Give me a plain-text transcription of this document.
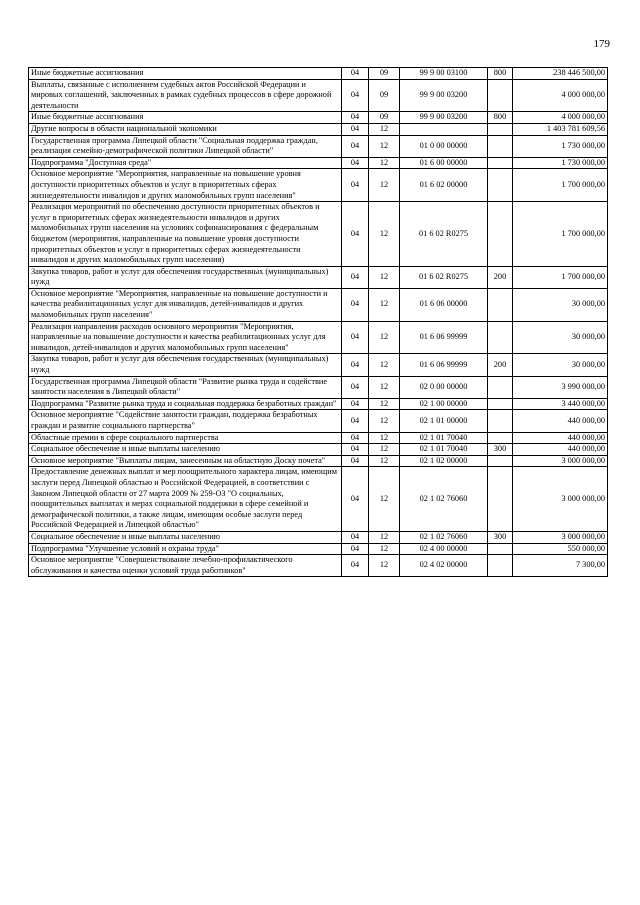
179
Иные бюджетные ассигнования	04	09	99 9 00 03100	800	238 446 500,00
Выплаты, связанные с исполнением судебных актов Российской Федерации и мировых соглашений, заключенных в рамках судебных процессов в сфере дорожной деятельности	04	09	99 9 00 03200		4 000 000,00
Иные бюджетные ассигнования	04	09	99 9 00 03200	800	4 000 000,00
Другие вопросы в области национальной экономики	04	12			1 403 781 609,56
Государственная программа Липецкой области "Социальная поддержка граждан, реализация семейно-демографической политики Липецкой области"	04	12	01 0 00 00000		1 730 000,00
Подпрограмма "Доступная среда"	04	12	01 6 00 00000		1 730 000,00
Основное мероприятие "Мероприятия, направленные на повышение уровня доступности приоритетных объектов и услуг в приоритетных сферах жизнедеятельности инвалидов и других маломобильных групп населения"	04	12	01 6 02 00000		1 700 000,00
Реализация мероприятий по обеспечению доступности приоритетных объектов и услуг в приоритетных сферах жизнедеятельности инвалидов и других маломобильных групп населения на условиях софинансирования с федеральным бюджетом (мероприятия, направленные на повышение уровня доступности приоритетных объектов и услуг в приоритетных сферах жизнедеятельности инвалидов и других маломобильных групп населения)	04	12	01 6 02 R0275		1 700 000,00
Закупка товаров, работ и услуг для обеспечения государственных (муниципальных) нужд	04	12	01 6 02 R0275	200	1 700 000,00
Основное мероприятие "Мероприятия, направленные на повышение доступности и качества реабилитационных услуг для инвалидов, детей-инвалидов и других маломобильных групп населения"	04	12	01 6 06 00000		30 000,00
Реализация направления расходов основного мероприятия "Мероприятия, направленные на повышение доступности и качества реабилитационных услуг для инвалидов, детей-инвалидов и других маломобильных групп населения"	04	12	01 6 06 99999		30 000,00
Закупка товаров, работ и услуг для обеспечения государственных (муниципальных) нужд	04	12	01 6 06 99999	200	30 000,00
Государственная программа Липецкой области "Развитие рынка труда и содействие занятости населения в Липецкой области"	04	12	02 0 00 00000		3 990 000,00
Подпрограмма "Развитие рынка труда и социальная поддержка безработных граждан"	04	12	02 1 00 00000		3 440 000,00
Основное мероприятие "Содействие занятости граждан, поддержка безработных граждан и развитие социального партнерства"	04	12	02 1 01 00000		440 000,00
Областные премии в сфере социального партнерства	04	12	02 1 01 70040		440 000,00
Социальное обеспечение и иные выплаты населению	04	12	02 1 01 70040	300	440 000,00
Основное мероприятие "Выплаты лицам, занесенным на областную Доску почета"	04	12	02 1 02 00000		3 000 000,00
Предоставление денежных выплат и мер поощрительного характера лицам, имеющим заслуги перед Липецкой областью и Российской Федерацией, в соответствии с Законом Липецкой области от 27 марта 2009 № 259-ОЗ "О социальных, поощрительных выплатах и мерах социальной поддержки в сфере семейной и демографической политики, а также лицам, имеющим особые заслуги перед Российской Федерацией и Липецкой областью"	04	12	02 1 02 76060		3 000 000,00
Социальное обеспечение и иные выплаты населению	04	12	02 1 02 76060	300	3 000 000,00
Подпрограмма "Улучшение условий и охраны труда"	04	12	02 4 00 00000		550 000,00
Основное мероприятие "Совершенствование лечебно-профилактического обслуживания и качества оценки условий труда работников"	04	12	02 4 02 00000		7 300,00
